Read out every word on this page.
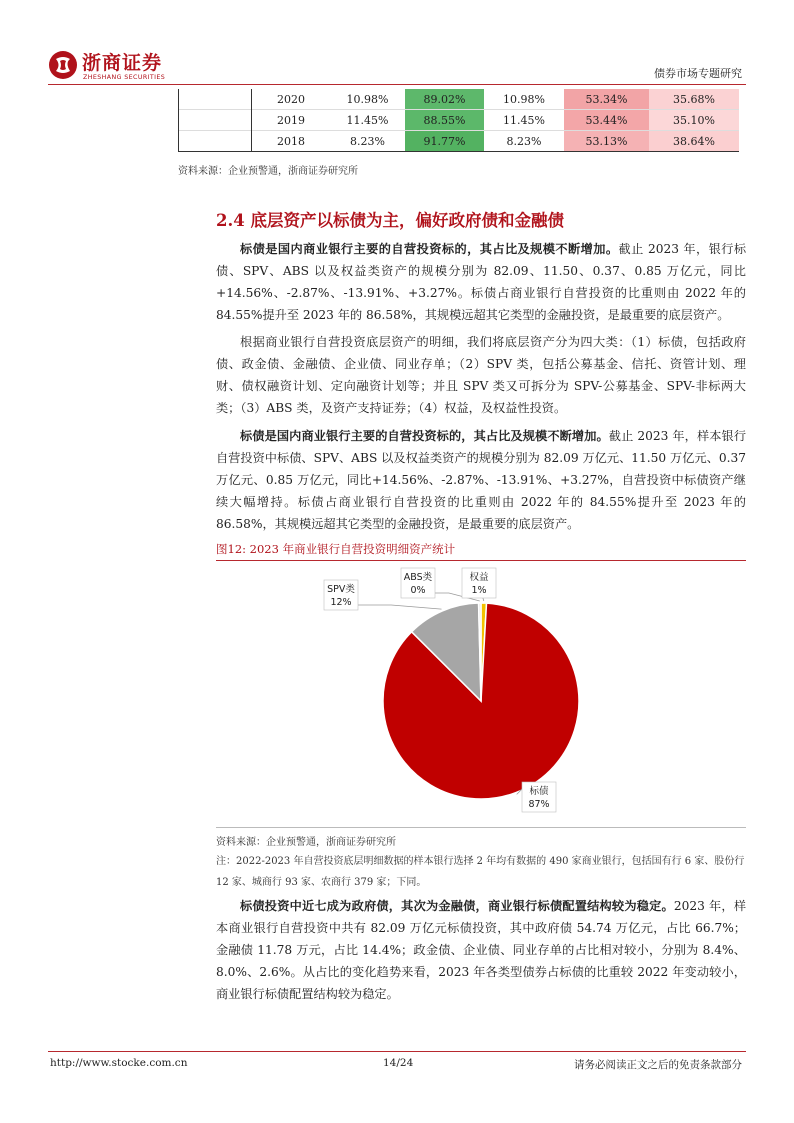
浙商证券
ZHESHANG SECURITIES	债券市场专题研究
	2020	10.98%	89.02%	10.98%	53.34%	35.68%
	2019	11.45%	88.55%	11.45%	53.44%	35.10%
	2018	8.23%	91.77%	8.23%	53.13%	38.64%
资料来源：企业预警通，浙商证券研究所
2.4 底层资产以标债为主，偏好政府债和金融债

标债是国内商业银行主要的自营投资标的，其占比及规模不断增加。截止 2023 年，银行标债、SPV、ABS 以及权益类资产的规模分别为 82.09、11.50、0.37、0.85 万亿元，同比+14.56%、-2.87%、-13.91%、+3.27%。标债占商业银行自营投资的比重则由 2022 年的 84.55%提升至 2023 年的 86.58%，其规模远超其它类型的金融投资，是最重要的底层资产。

根据商业银行自营投资底层资产的明细，我们将底层资产分为四大类：（1）标债，包括政府债、政金债、金融债、企业债、同业存单；（2）SPV 类，包括公募基金、信托、资管计划、理财、债权融资计划、定向融资计划等；并且 SPV 类又可拆分为 SPV-公募基金、SPV-非标两大类；（3）ABS 类，及资产支持证券；（4）权益，及权益性投资。

标债是国内商业银行主要的自营投资标的，其占比及规模不断增加。截止 2023 年，样本银行自营投资中标债、SPV、ABS 以及权益类资产的规模分别为 82.09 万亿元、11.50 万亿元、0.37 万亿元、0.85 万亿元，同比+14.56%、-2.87%、-13.91%、+3.27%，自营投资中标债资产继续大幅增持。标债占商业银行自营投资的比重则由 2022 年的 84.55%提升至 2023 年的 86.58%，其规模远超其它类型的金融投资，是最重要的底层资产。

图12: 2023 年商业银行自营投资明细资产统计
权益
1%
标债
87%
SPV类
12%
ABS类
0%
资料来源：企业预警通，浙商证券研究所
注：2022-2023 年自营投资底层明细数据的样本银行选择 2 年均有数据的 490 家商业银行，包括国有行 6 家、股份行 12 家、城商行 93 家、农商行 379 家；下同。

标债投资中近七成为政府债，其次为金融债，商业银行标债配置结构较为稳定。2023 年，样本商业银行自营投资中共有 82.09 万亿元标债投资，其中政府债 54.74 万亿元，占比 66.7%；金融债 11.78 万元，占比 14.4%；政金债、企业债、同业存单的占比相对较小，分别为 8.4%、8.0%、2.6%。从占比的变化趋势来看，2023 年各类型债券占标债的比重较 2022 年变动较小，商业银行标债配置结构较为稳定。

http://www.stocke.com.cn	14/24	请务必阅读正文之后的免责条款部分
